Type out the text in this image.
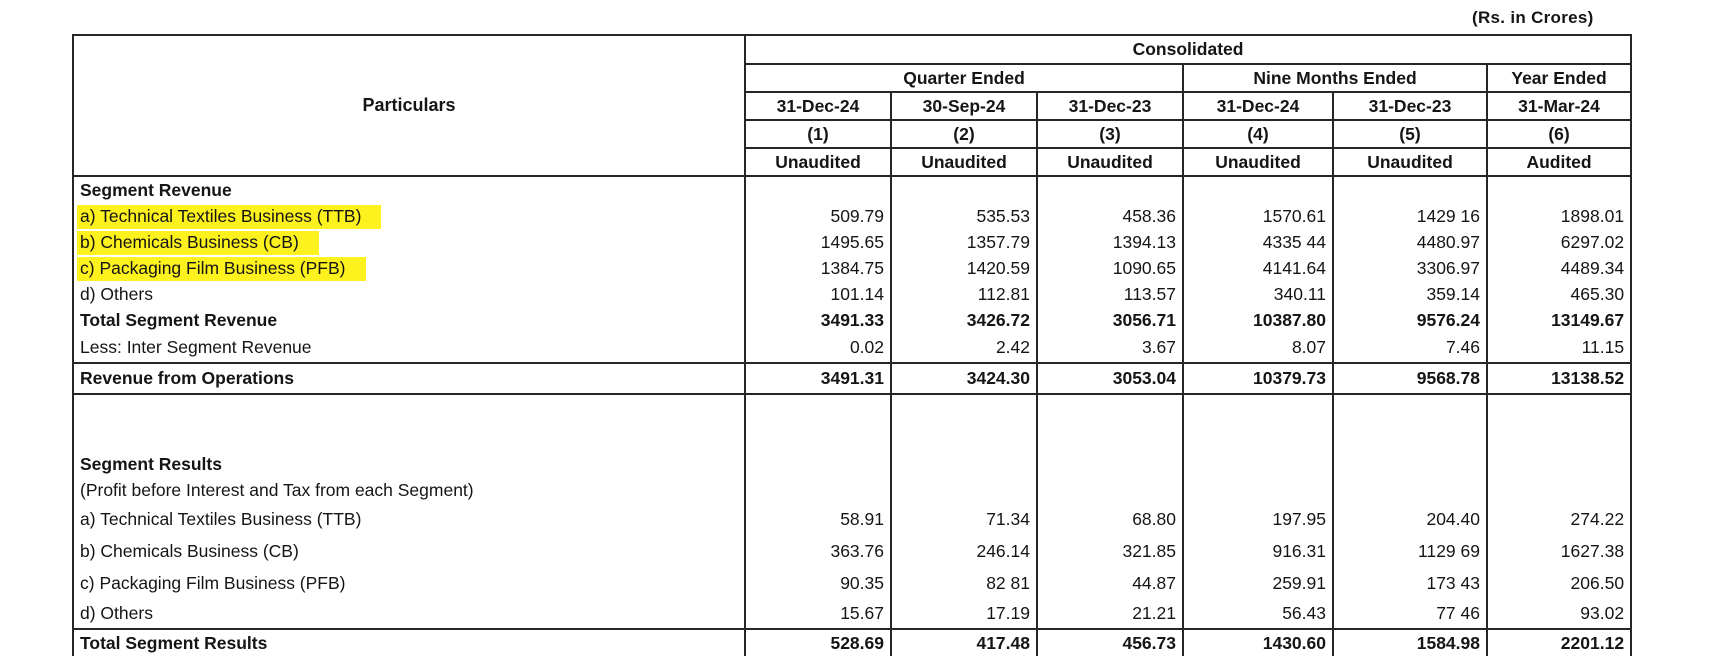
(Rs. in Crores)
Particulars	Consolidated					
	Quarter Ended			Nine Months Ended		Year Ended
	31-Dec-24	30-Sep-24	31-Dec-23	31-Dec-24	31-Dec-23	31-Mar-24
	(1)	(2)	(3)	(4)	(5)	(6)
	Unaudited	Unaudited	Unaudited	Unaudited	Unaudited	Audited
Segment Revenue						
a) Technical Textiles Business (TTB)	509.79	535.53	458.36	1570.61	1429 16	1898.01
b) Chemicals Business (CB)	1495.65	1357.79	1394.13	4335 44	4480.97	6297.02
c) Packaging Film Business (PFB)	1384.75	1420.59	1090.65	4141.64	3306.97	4489.34
d) Others	101.14	112.81	113.57	340.11	359.14	465.30
Total Segment Revenue	3491.33	3426.72	3056.71	10387.80	9576.24	13149.67
Less: Inter Segment Revenue	0.02	2.42	3.67	8.07	7.46	11.15
Revenue from Operations	3491.31	3424.30	3053.04	10379.73	9568.78	13138.52

Segment Results						
(Profit before Interest and Tax from each Segment)						
a) Technical Textiles Business (TTB)	58.91	71.34	68.80	197.95	204.40	274.22
b) Chemicals Business (CB)	363.76	246.14	321.85	916.31	1129 69	1627.38
c) Packaging Film Business (PFB)	90.35	82 81	44.87	259.91	173 43	206.50
d) Others	15.67	17.19	21.21	56.43	77 46	93.02
Total Segment Results	528.69	417.48	456.73	1430.60	1584.98	2201.12
